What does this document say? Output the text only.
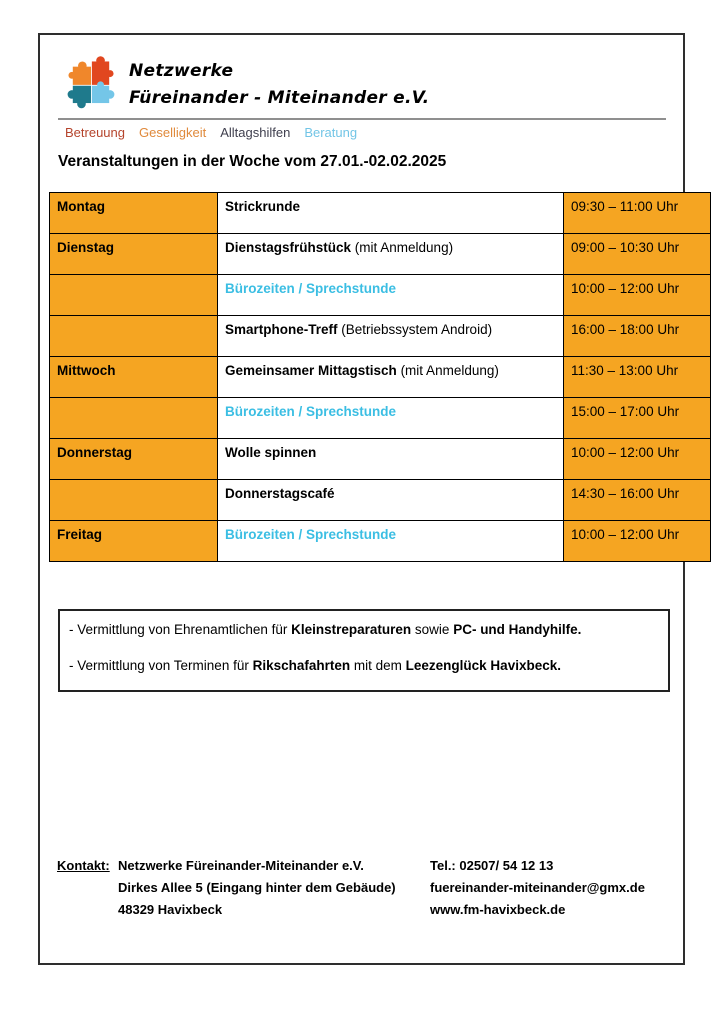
Netzwerke
Füreinander - Miteinander e.V.
Betreuung Geselligkeit Alltagshilfen Beratung
Veranstaltungen in der Woche vom 27.01.-02.02.2025
Montag	Strickrunde	09:30 – 11:00 Uhr
Dienstag	Dienstagsfrühstück (mit Anmeldung)	09:00 – 10:30 Uhr
	Bürozeiten / Sprechstunde	10:00 – 12:00 Uhr
	Smartphone-Treff (Betriebssystem Android)	16:00 – 18:00 Uhr
Mittwoch	Gemeinsamer Mittagstisch (mit Anmeldung)	11:30 – 13:00 Uhr
	Bürozeiten / Sprechstunde	15:00 – 17:00 Uhr
Donnerstag	Wolle spinnen	10:00 – 12:00 Uhr
	Donnerstagscafé	14:30 – 16:00 Uhr
Freitag	Bürozeiten / Sprechstunde	10:00 – 12:00 Uhr
- Vermittlung von Ehrenamtlichen für Kleinstreparaturen sowie PC- und Handyhilfe.
- Vermittlung von Terminen für Rikschafahrten mit dem Leezenglück Havixbeck.
Kontakt: Netzwerke Füreinander-Miteinander e.V.
Dirkes Allee 5 (Eingang hinter dem Gebäude)
48329 Havixbeck
Tel.: 02507/ 54 12 13
fuereinander-miteinander@gmx.de
www.fm-havixbeck.de
